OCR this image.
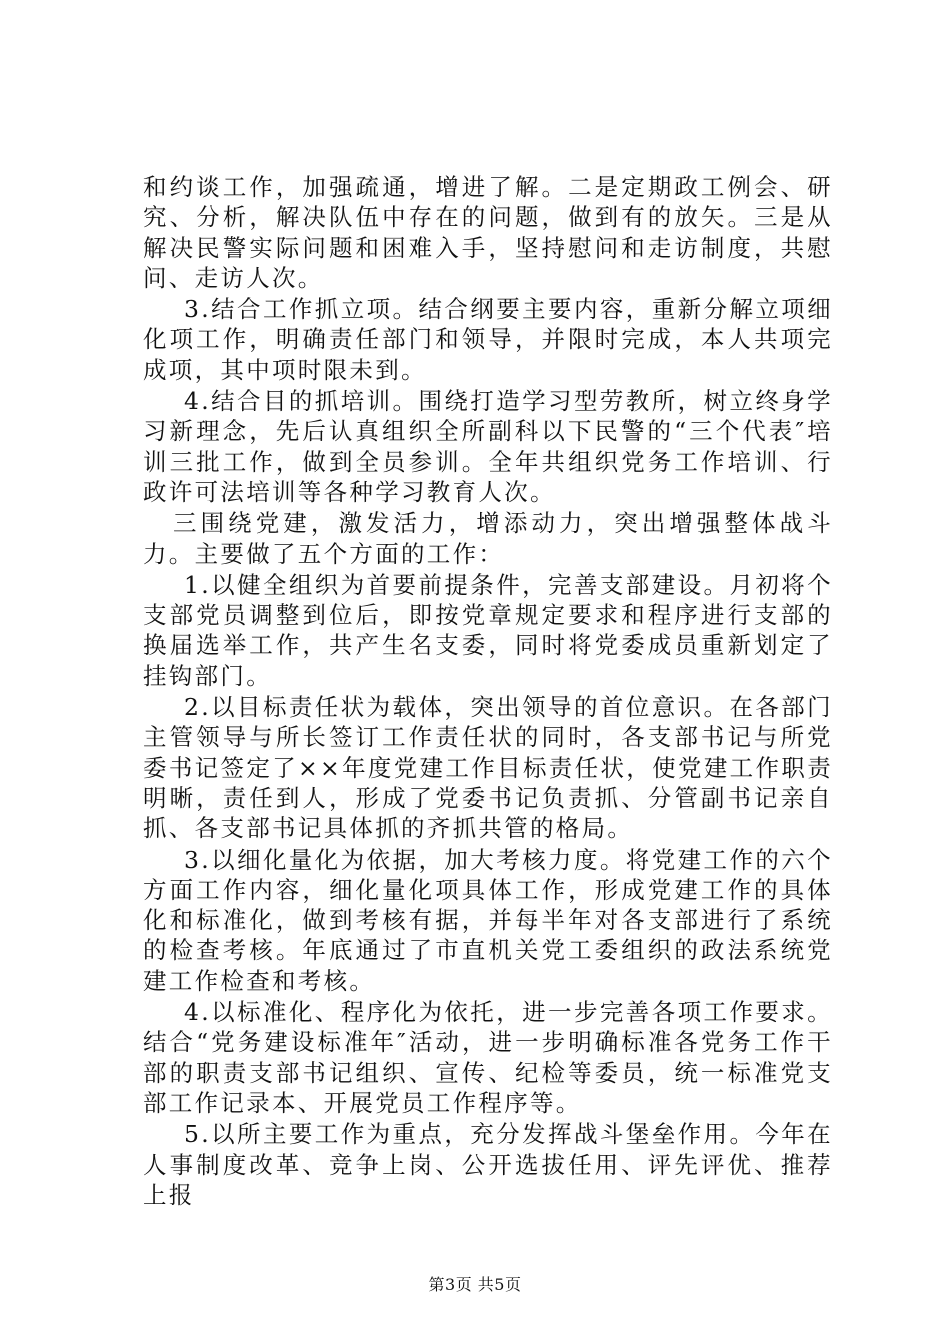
和约谈工作，加强疏通，增进了解。二是定期政工例会、研究、分析，解决队伍中存在的问题，做到有的放矢。三是从解决民警实际问题和困难入手，坚持慰问和走访制度，共慰问、走访人次。

3.结合工作抓立项。结合纲要主要内容，重新分解立项细化项工作，明确责任部门和领导，并限时完成，本人共项完成项，其中项时限未到。

4.结合目的抓培训。围绕打造学习型劳教所，树立终身学习新理念，先后认真组织全所副科以下民警的“三个代表″培训三批工作，做到全员参训。全年共组织党务工作培训、行政许可法培训等各种学习教育人次。

三围绕党建，激发活力，增添动力，突出增强整体战斗力。主要做了五个方面的工作：

1.以健全组织为首要前提条件，完善支部建设。月初将个支部党员调整到位后，即按党章规定要求和程序进行支部的换届选举工作，共产生名支委，同时将党委成员重新划定了挂钩部门。

2.以目标责任状为载体，突出领导的首位意识。在各部门主管领导与所长签订工作责任状的同时，各支部书记与所党委书记签定了××年度党建工作目标责任状，使党建工作职责明晰，责任到人，形成了党委书记负责抓、分管副书记亲自抓、各支部书记具体抓的齐抓共管的格局。

3.以细化量化为依据，加大考核力度。将党建工作的六个方面工作内容，细化量化项具体工作，形成党建工作的具体化和标准化，做到考核有据，并每半年对各支部进行了系统的检查考核。年底通过了市直机关党工委组织的政法系统党建工作检查和考核。

4.以标准化、程序化为依托，进一步完善各项工作要求。结合“党务建设标准年″活动，进一步明确标准各党务工作干部的职责支部书记组织、宣传、纪检等委员，统一标准党支部工作记录本、开展党员工作程序等。

5.以所主要工作为重点，充分发挥战斗堡垒作用。今年在人事制度改革、竞争上岗、公开选拔任用、评先评优、推荐上报

第3页 共5页
